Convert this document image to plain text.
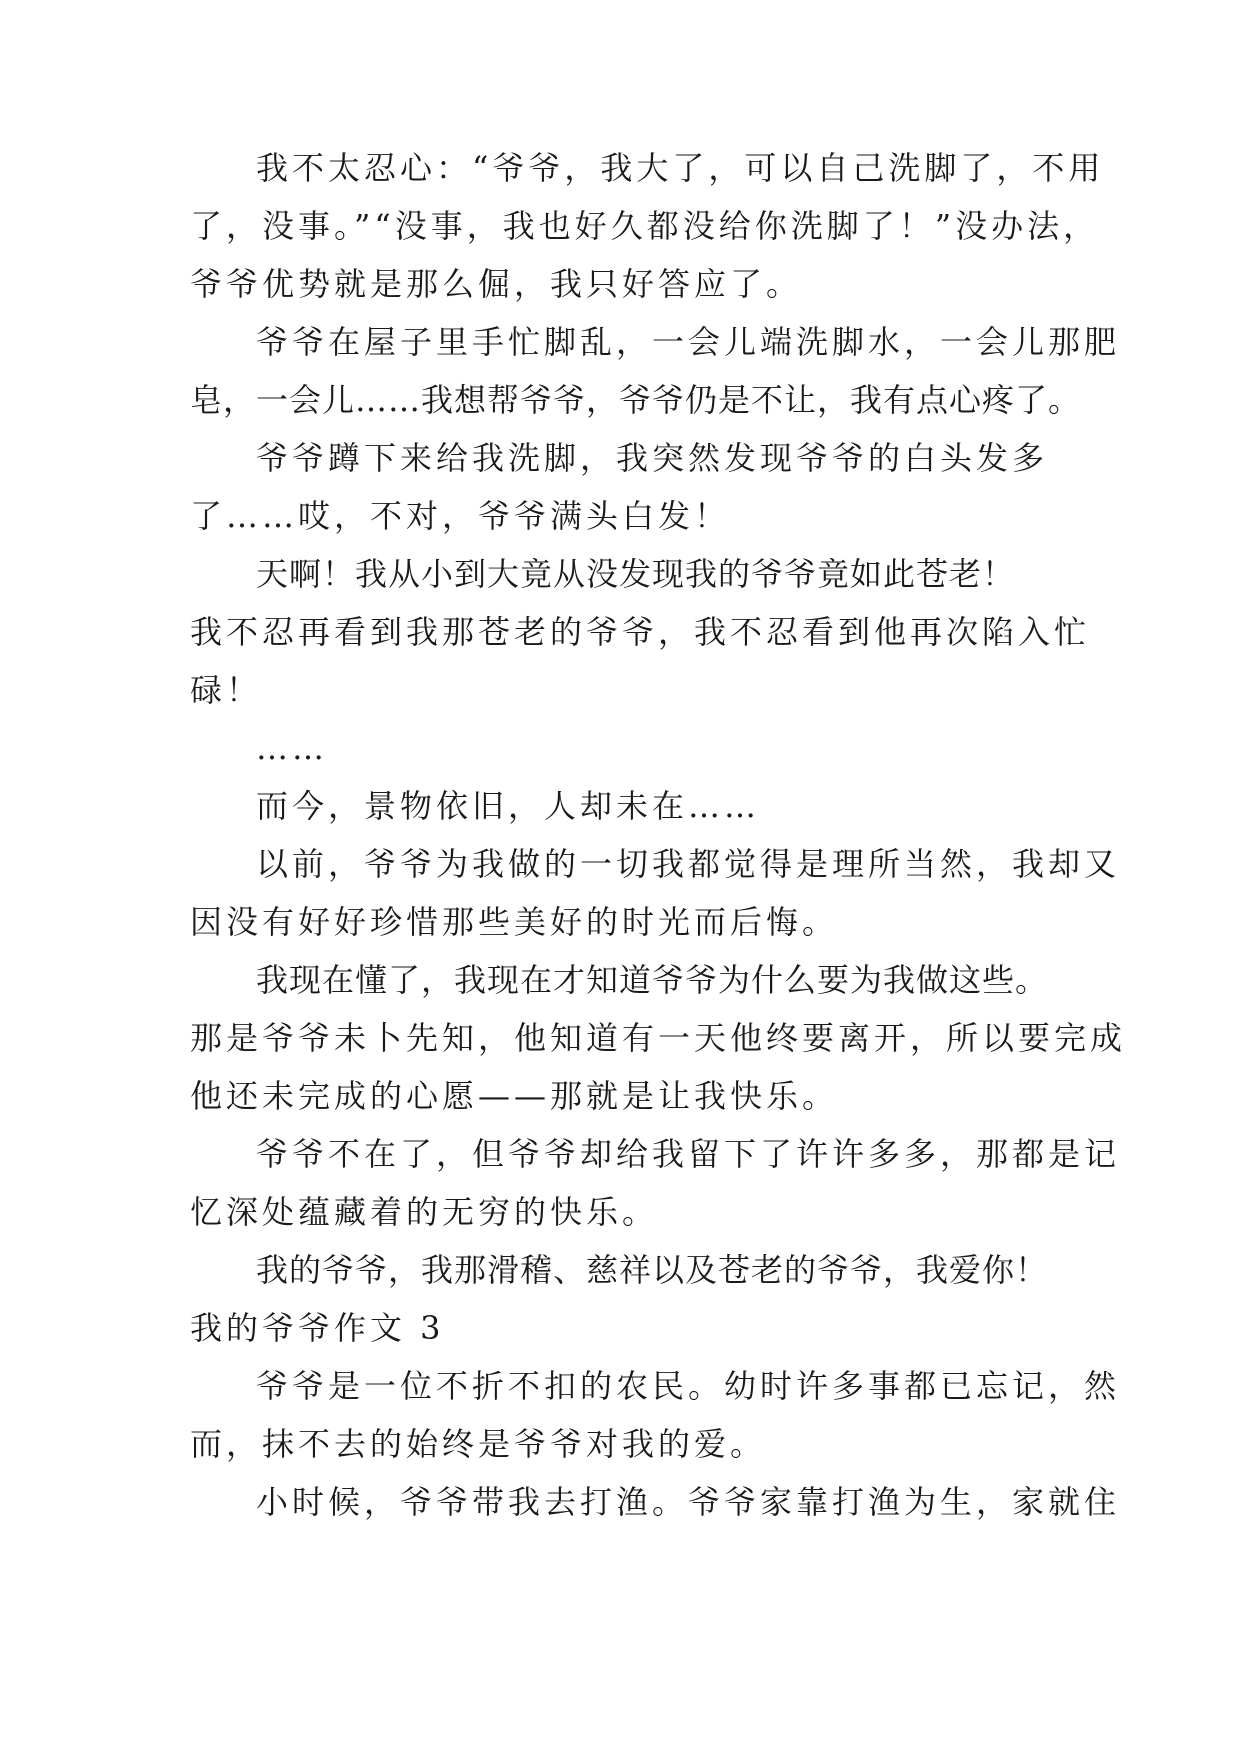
我不太忍心：“爷爷，我大了，可以自己洗脚了，不用
了，没事。”“没事，我也好久都没给你洗脚了！”没办法，
爷爷优势就是那么倔，我只好答应了。
爷爷在屋子里手忙脚乱，一会儿端洗脚水，一会儿那肥
皂，一会儿……我想帮爷爷，爷爷仍是不让，我有点心疼了。
爷爷蹲下来给我洗脚，我突然发现爷爷的白头发多
了……哎，不对，爷爷满头白发！
天啊！我从小到大竟从没发现我的爷爷竟如此苍老！
我不忍再看到我那苍老的爷爷，我不忍看到他再次陷入忙
碌！
……
而今，景物依旧，人却未在……
以前，爷爷为我做的一切我都觉得是理所当然，我却又
因没有好好珍惜那些美好的时光而后悔。
我现在懂了，我现在才知道爷爷为什么要为我做这些。
那是爷爷未卜先知，他知道有一天他终要离开，所以要完成
他还未完成的心愿——那就是让我快乐。
爷爷不在了，但爷爷却给我留下了许许多多，那都是记
忆深处蕴藏着的无穷的快乐。
我的爷爷，我那滑稽、慈祥以及苍老的爷爷，我爱你！
我的爷爷作文 3
爷爷是一位不折不扣的农民。幼时许多事都已忘记，然
而，抹不去的始终是爷爷对我的爱。
小时候，爷爷带我去打渔。爷爷家靠打渔为生，家就住
